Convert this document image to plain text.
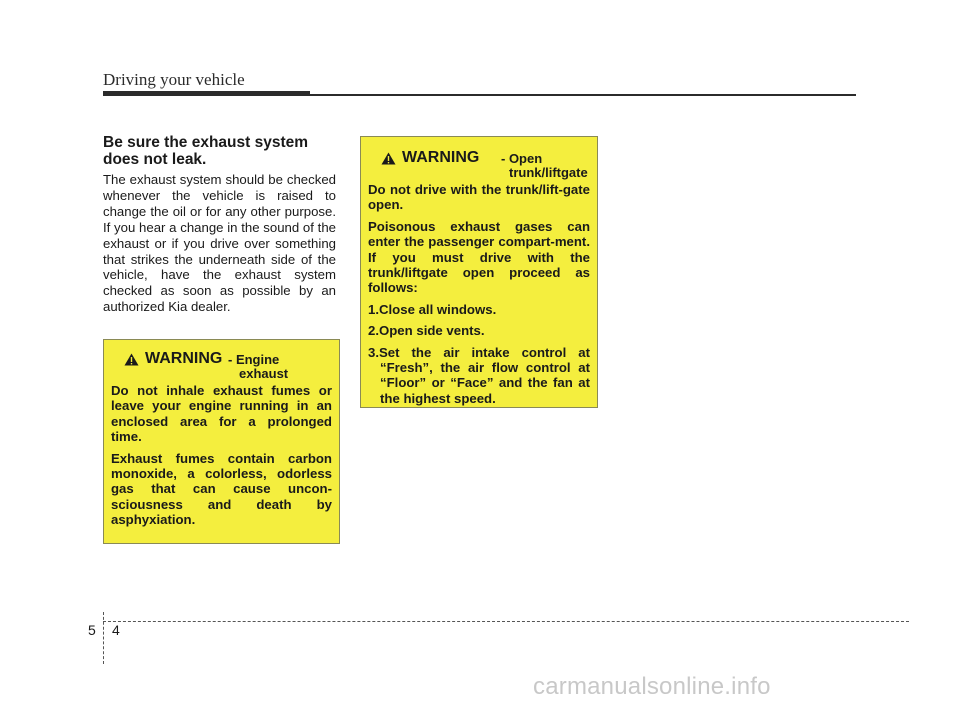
Driving your vehicle
Be sure the exhaust system does not leak.
The exhaust system should be checked whenever the vehicle is raised to change the oil or for any other purpose. If you hear a change in the sound of the exhaust or if you drive over something that strikes the underneath side of the vehicle, have the exhaust system checked as soon as possible by an authorized Kia dealer.
WARNING - Engine
exhaust

Do not inhale exhaust fumes or leave your engine running in an enclosed area for a prolonged time.

Exhaust fumes contain carbon monoxide, a colorless, odorless gas that can cause uncon-sciousness and death by asphyxiation.

WARNING - Open
trunk/liftgate

Do not drive with the trunk/lift-gate open.

Poisonous exhaust gases can enter the passenger compart-ment. If you must drive with the trunk/liftgate open proceed as follows:

1.Close all windows.

2.Open side vents.

3.Set the air intake control at “Fresh”, the air flow control at “Floor” or “Face” and the fan at the highest speed.

5 4
carmanualsonline.info
